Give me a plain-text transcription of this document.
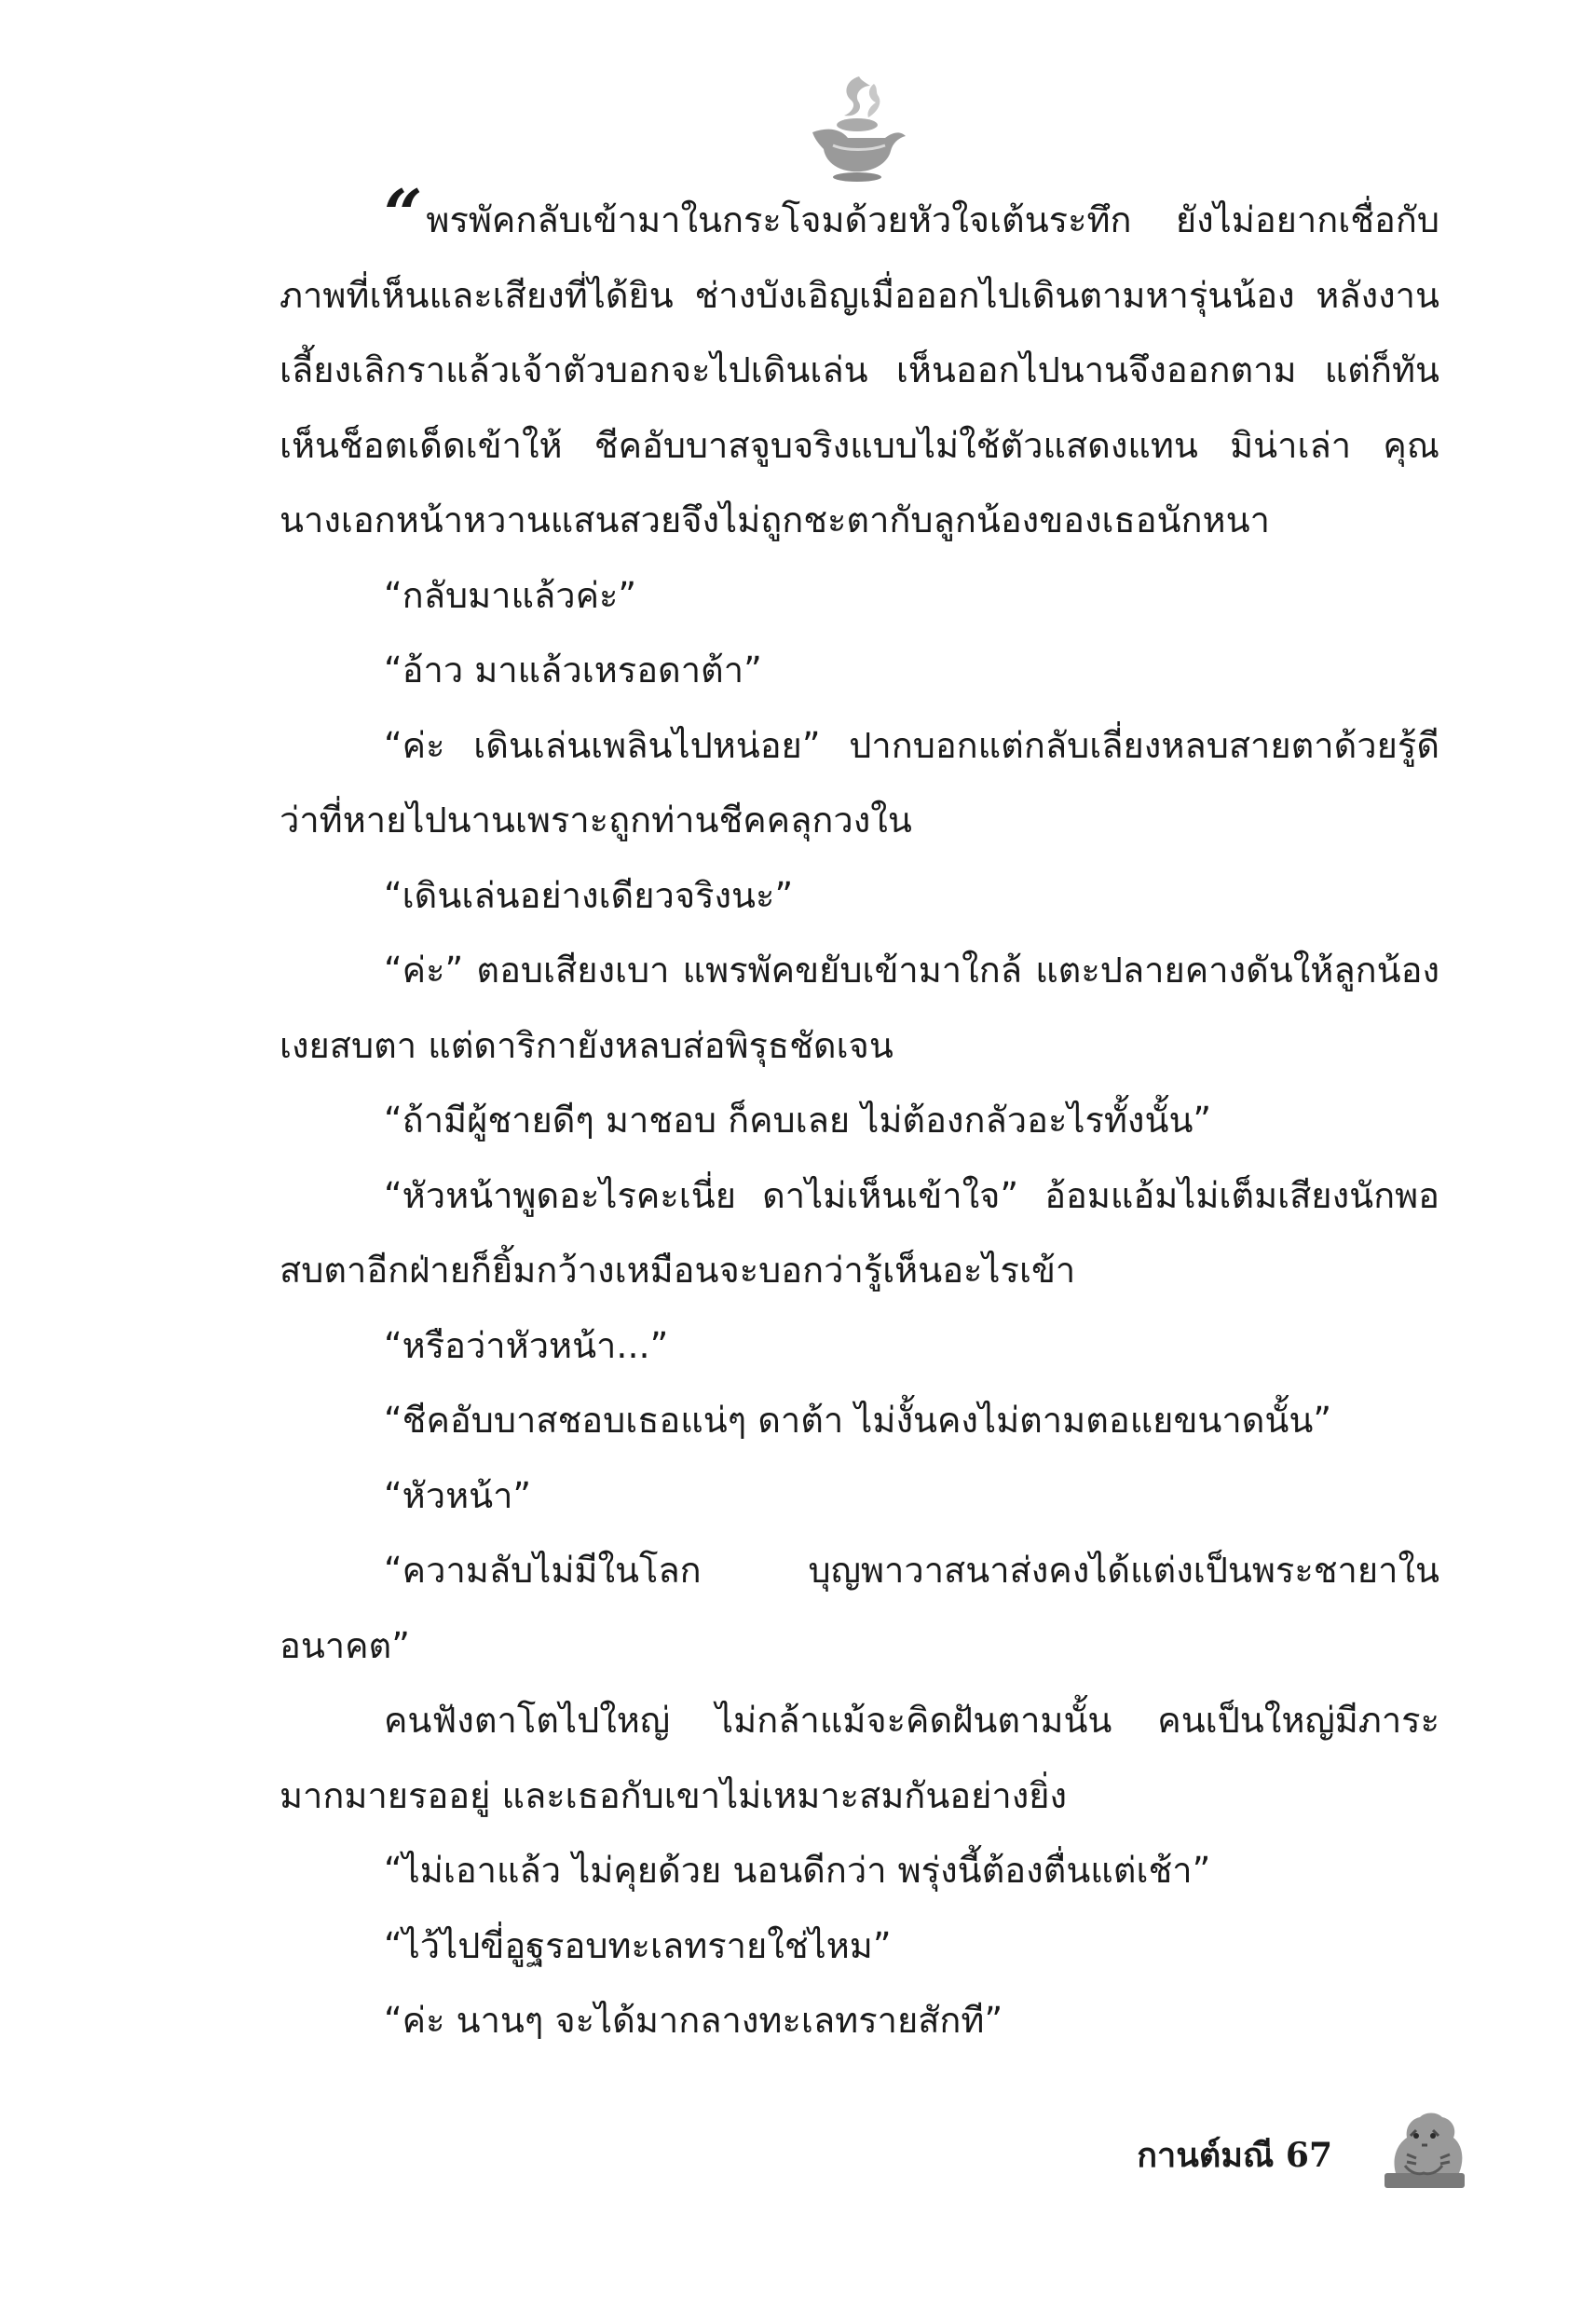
“ พรพัคกลับเข้ามาในกระโจมด้วยหัวใจเต้นระทึก ยังไม่อยากเชื่อกับภาพที่เห็นและเสียงที่ได้ยิน ช่างบังเอิญเมื่อออกไปเดินตามหารุ่นน้อง หลังงานเลี้ยงเลิกราแล้วเจ้าตัวบอกจะไปเดินเล่น เห็นออกไปนานจึงออกตาม แต่ก็ทันเห็นช็อตเด็ดเข้าให้ ชีคอับบาสจูบจริงแบบไม่ใช้ตัวแสดงแทน มิน่าเล่า คุณนางเอกหน้าหวานแสนสวยจึงไม่ถูกชะตากับลูกน้องของเธอนักหนา

“กลับมาแล้วค่ะ”

“อ้าว มาแล้วเหรอดาต้า”

“ค่ะ เดินเล่นเพลินไปหน่อย” ปากบอกแต่กลับเลี่ยงหลบสายตาด้วยรู้ดีว่าที่หายไปนานเพราะถูกท่านชีคคลุกวงใน

“เดินเล่นอย่างเดียวจริงนะ”

“ค่ะ” ตอบเสียงเบา แพรพัคขยับเข้ามาใกล้ แตะปลายคางดันให้ลูกน้องเงยสบตา แต่ดาริกายังหลบส่อพิรุธชัดเจน

“ถ้ามีผู้ชายดีๆ มาชอบ ก็คบเลย ไม่ต้องกลัวอะไรทั้งนั้น”

“หัวหน้าพูดอะไรคะเนี่ย ดาไม่เห็นเข้าใจ” อ้อมแอ้มไม่เต็มเสียงนักพอสบตาอีกฝ่ายก็ยิ้มกว้างเหมือนจะบอกว่ารู้เห็นอะไรเข้า

“หรือว่าหัวหน้า...”

“ชีคอับบาสชอบเธอแน่ๆ ดาต้า ไม่งั้นคงไม่ตามตอแยขนาดนั้น”

“หัวหน้า”

“ความลับไม่มีในโลก บุญพาวาสนาส่งคงได้แต่งเป็นพระชายาในอนาคต”

คนฟังตาโตไปใหญ่ ไม่กล้าแม้จะคิดฝันตามนั้น คนเป็นใหญ่มีภาระมากมายรออยู่ และเธอกับเขาไม่เหมาะสมกันอย่างยิ่ง

“ไม่เอาแล้ว ไม่คุยด้วย นอนดีกว่า พรุ่งนี้ต้องตื่นแต่เช้า”

“ไว้ไปขี่อูฐรอบทะเลทรายใช่ไหม”

“ค่ะ นานๆ จะได้มากลางทะเลทรายสักที”

กานต์มณี 67
